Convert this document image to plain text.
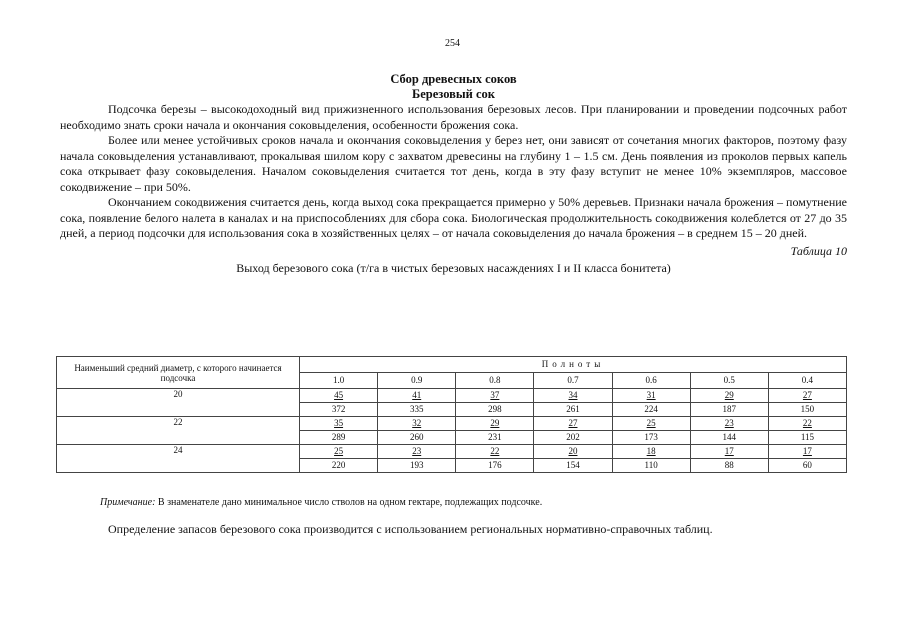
254
Сбор древесных соков
Березовый сок

Подсочка березы – высокодоходный вид прижизненного использования березовых лесов. При планировании и проведении подсочных работ необходимо знать сроки начала и окончания соковыделения, особенности брожения сока.

Более или менее устойчивых сроков начала и окончания соковыделения у берез нет, они зависят от сочетания многих факторов, поэтому фазу начала соковыделения устанавливают, прокалывая шилом кору с захватом древесины на глубину 1 – 1.5 см. День появления из проколов первых капель сока открывает фазу соковыделения. Началом соковыделения считается тот день, когда в эту фазу вступит не менее 10% экземпляров, массовое сокодвижение – при 50%.

Окончанием сокодвижения считается день, когда выход сока прекращается примерно у 50% деревьев. Признаки начала брожения – помутнение сока, появление белого налета в каналах и на приспособлениях для сбора сока. Биологическая продолжительность сокодвижения колеблется от 27 до 35 дней, а период подсочки для использования сока в хозяйственных целях – от начала соковыделения до начала брожения – в среднем 15 – 20 дней.

Таблица 10
Выход березового сока (т/га в чистых березовых насаждениях I и II класса бонитета)
Наименьший средний диаметр, с которого начинается подсочка	Полноты						
	1.0	0.9	0.8	0.7	0.6	0.5	0.4
20	45	41	37	34	31	29	27
	372	335	298	261	224	187	150
22	35	32	29	27	25	23	22
	289	260	231	202	173	144	115
24	25	23	22	20	18	17	17
	220	193	176	154	110	88	60
Примечание: В знаменателе дано минимальное число стволов на одном гектаре, подлежащих подсочке.

Определение запасов березового сока производится с использованием региональных нормативно-справочных таблиц.
